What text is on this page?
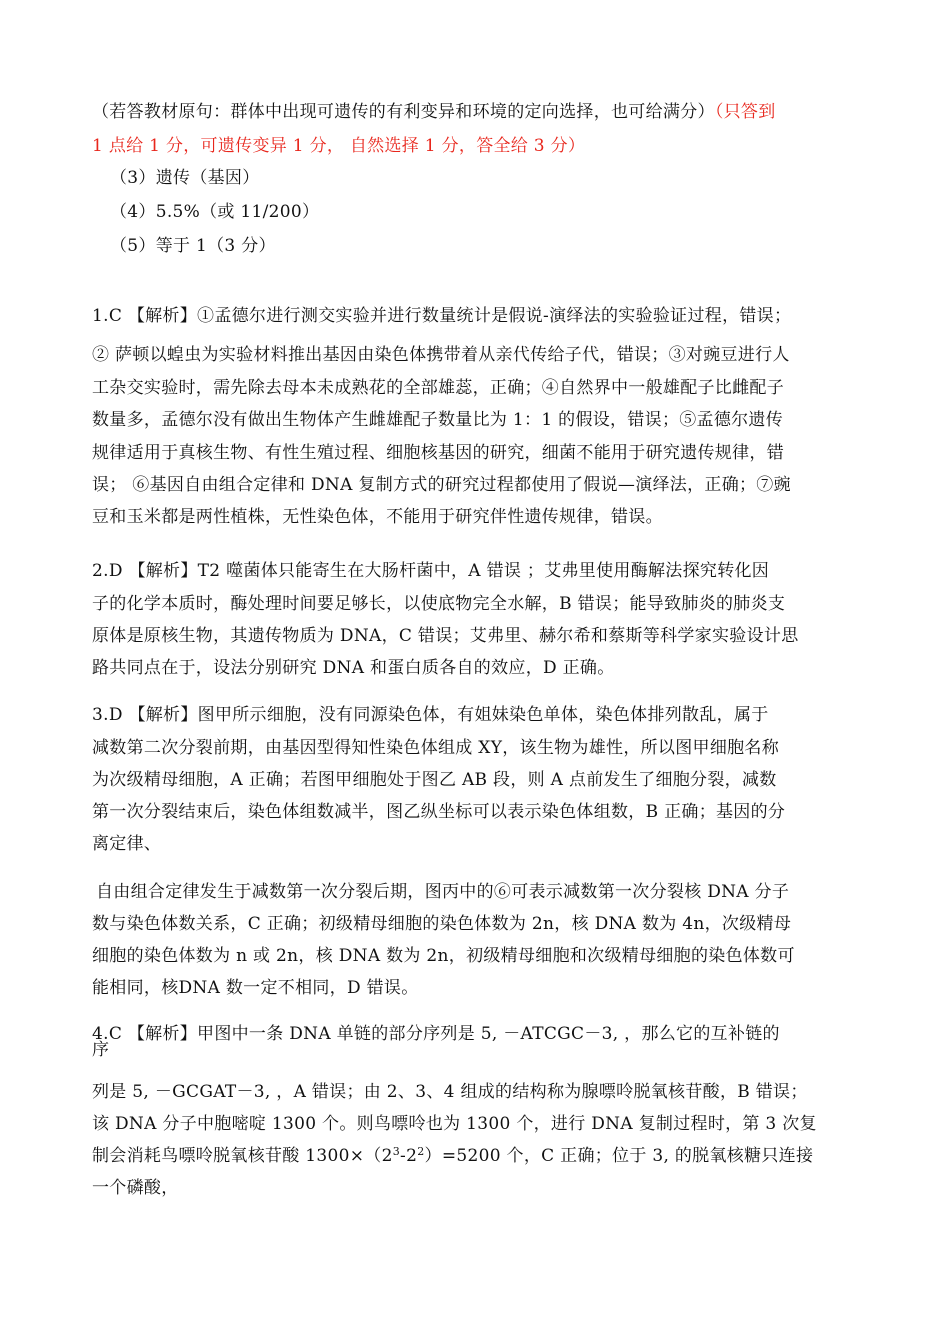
（若答教材原句：群体中出现可遗传的有利变异和环境的定向选择，也可给满分）（只答到
1 点给 1 分，可遗传变异 1 分， 自然选择 1 分，答全给 3 分）
（3）遗传（基因）
（4）5.5%（或 11/200）
（5）等于 1（3 分）
1.C 【解析】①孟德尔进行测交实验并进行数量统计是假说-演绎法的实验验证过程，错误；
② 萨顿以蝗虫为实验材料推出基因由染色体携带着从亲代传给子代，错误；③对豌豆进行人
工杂交实验时，需先除去母本未成熟花的全部雄蕊，正确；④自然界中一般雄配子比雌配子
数量多，孟德尔没有做出生物体产生雌雄配子数量比为 1：1 的假设，错误；⑤孟德尔遗传
规律适用于真核生物、有性生殖过程、细胞核基因的研究，细菌不能用于研究遗传规律，错
误； ⑥基因自由组合定律和 DNA 复制方式的研究过程都使用了假说—演绎法，正确；⑦豌
豆和玉米都是两性植株，无性染色体，不能用于研究伴性遗传规律，错误。
2.D 【解析】T2 噬菌体只能寄生在大肠杆菌中，A 错误 ；艾弗里使用酶解法探究转化因
子的化学本质时，酶处理时间要足够长，以使底物完全水解，B 错误；能导致肺炎的肺炎支
原体是原核生物，其遗传物质为 DNA，C 错误；艾弗里、赫尔希和蔡斯等科学家实验设计思
路共同点在于，设法分别研究 DNA 和蛋白质各自的效应，D 正确。
3.D 【解析】图甲所示细胞，没有同源染色体，有姐妹染色单体，染色体排列散乱，属于
减数第二次分裂前期，由基因型得知性染色体组成 XY，该生物为雄性，所以图甲细胞名称
为次级精母细胞，A 正确；若图甲细胞处于图乙 AB 段，则 A 点前发生了细胞分裂，减数
第一次分裂结束后，染色体组数减半，图乙纵坐标可以表示染色体组数，B 正确；基因的分
离定律、
自由组合定律发生于减数第一次分裂后期，图丙中的⑥可表示减数第一次分裂核 DNA 分子
数与染色体数关系，C 正确；初级精母细胞的染色体数为 2n，核 DNA 数为 4n，次级精母
细胞的染色体数为 n 或 2n，核 DNA 数为 2n，初级精母细胞和次级精母细胞的染色体数可
能相同，核DNA 数一定不相同，D 错误。
4.C 【解析】甲图中一条 DNA 单链的部分序列是 5, －ATCGC－3, ，那么它的互补链的
序
列是 5, －GCGAT－3, ，A 错误；由 2、3、4 组成的结构称为腺嘌呤脱氧核苷酸，B 错误；
该 DNA 分子中胞嘧啶 1300 个。则鸟嘌呤也为 1300 个，进行 DNA 复制过程时，第 3 次复
制会消耗鸟嘌呤脱氧核苷酸 $1300\times(2^3-2^2)=5200$ 个，C 正确；位于 3, 的脱氧核糖只连接
一个磷酸，
